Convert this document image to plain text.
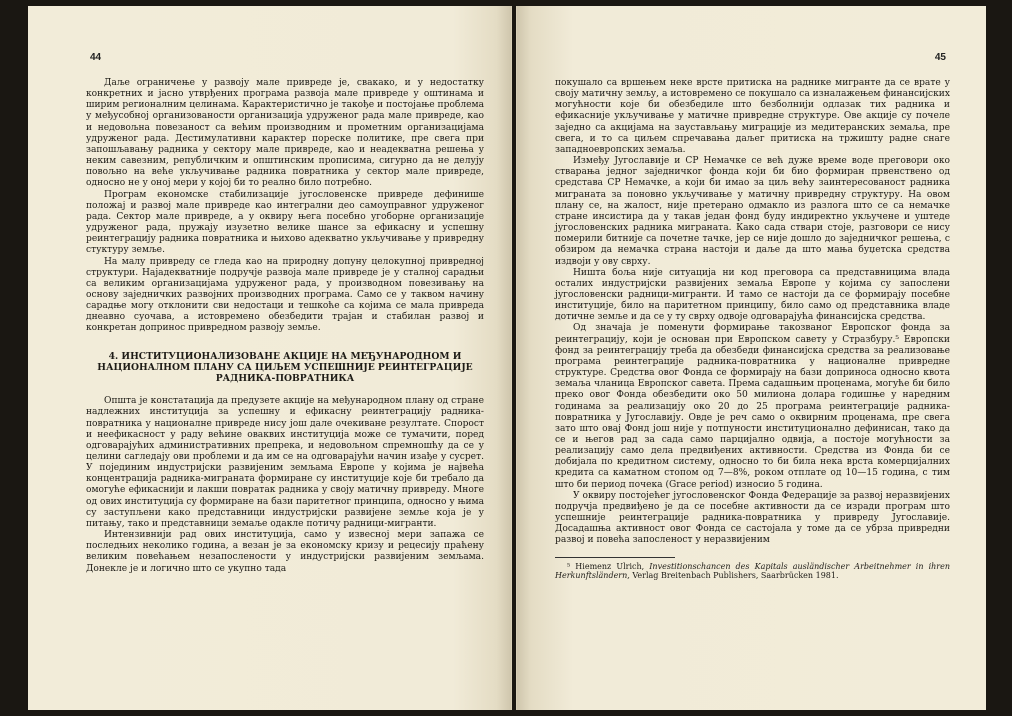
44

Даље ограничење у развоју мале привреде је, свакако, и у недостатку конкретних и јасно утврђених програма развоја мале привреде у оштинама и ширим регионалним целинама. Карактеристично је такође и постојање проблема у међусобној организованости организација удруженог рада мале привреде, као и недовољна повезаност са већим производним и прометним организацијама удруженог рада. Дестимулативни карактер пореске политике, пре свега при запошљавању радника у сектору мале привреде, као и неадекватна решења у неким савезним, републичким и општинским прописима, сигурно да не делују повољно на веће укључивање радника повратника у сектор мале привреде, односно не у оној мери у којој би то реално било потребно.

Програм економске стабилизације југословенске привреде дефинише положај и развој мале привреде као интегрални део самоуправног удруженог рада. Сектор мале привреде, а у оквиру њега посебно угоборне организације удруженог рада, пружају изузетно велике шансе за ефикасну и успешну реинтеграцију радника повратника и њихово адекватно укључивање у привредну стуктуру земље.

На малу привреду се гледа као на природну допуну целокупној привредној структури. Најадекватније подручје развоја мале привреде је у сталној сарадњи са великим организацијама удруженог рада, у производном повезивању на основу заједничких развојних производних програма. Само се у таквом начину сарадње могу отклонити сви недостаци и тешкоће са којима се мала привреда днеавно суочава, а истовремено обезбедити трајан и стабилан развој и конкретан допринос привредном развоју земље.

4. ИНСТИТУЦИОНАЛИЗОВАНЕ АКЦИЈЕ НА МЕЂУНАРОДНОМ И НАЦИОНАЛНОМ ПЛАНУ СА ЦИЉЕМ УСПЕШНИЈЕ РЕИНТЕГРАЦИЈЕ РАДНИКА-ПОВРАТНИКА

Општа је констатација да предузете акције на међународном плану од стране надлежних институција за успешну и ефикасну реинтеграцију радника-повратника у националне привреде нису још дале очекиване резултате. Спорост и неефикасност у раду већине оваквих институција може се тумачити, поред одговарајућих административних препрека, и недовољном спремношћу да се у целини сагледају ови проблеми и да им се на одговарајући начин изађе у сусрет. У појединим индустријски развијеним земљама Европе у којима је највећа концентрација радника-миграната формиране су институције које би требало да омогуће ефикаснији и лакши повратак радника у своју матичну привреду. Многе од ових институција су формиране на бази паритетног принципа, односно у њима су заступљени како представници индустријски развијене земље која је у питању, тако и представници земаље одакле потичу радници-мигранти.

Интензивнији рад ових институција, само у извесној мери запажа се последњих неколико година, а везан је за економску кризу и рецесију праћену великим повећањем незапослености у индустријски развијеним земљама. Донекле је и логично што се укупно тада

45

покушало са вршењем неке врсте притиска на раднике мигранте да се врате у своју матичну земљу, а истовремено се покушало са изналажењем финансијских могућности које би обезбедиле што безболнији одлазак тих радника и ефикасније укључивање у матичне привредне структуре. Ове акције су почеле заједно са акцијама на заустављању миграције из медитеранских земаља, пре свега, и то са циљем спречавања даљег притиска на тржишту радне снаге западноевропских земаља.

Између Југославије и СР Немачке се већ дуже време воде преговори око стварања једног заједничког фонда који би био формиран првенствено од средстава СР Немачке, а који би имао за циљ већу заинтересованост радника миграната за поновно укључивање у матичну привредну структуру. На овом плану се, на жалост, није претерано одмакло из разлога што се са немачке стране инсистира да у такав један фонд буду индиректно укључене и уштеде југословенских радника миграната. Како сада ствари стоје, разговори се нису померили битније са почетне тачке, јер се није дошло до заједничког решења, с обзиром да немачка страна настоји и даље да што мања буџетска средства издвоји у ову сврху.

Ништа боља није ситуација ни код преговора са представницима влада осталих индустријски развијених земаља Европе у којима су запослени југословенски радници-мигранти. И тамо се настоји да се формирају посебне институције, било на паритетном принципу, било само од представника владе дотичне земље и да се у ту сврху одвоје одговарајућа финансијска средства.

Од значаја је поменути формирање такозваног Европског фонда за реинтеграцију, који је основан при Европском савету у Стразбуру.⁵ Европски фонд за реинтеграцију треба да обезбеди финансијска средства за реализовање програма реинтеграције радника-повратника у националне привредне структуре. Средства овог Фонда се формирају на бази доприноса односно квота земаља чланица Европског савета. Према садашњим проценама, могуће би било преко овог Фонда обезбедити око 50 милиона долара годишње у наредним годинама за реализацију око 20 до 25 програма реинтеграције радника-повратника у Југославију. Овде је реч само о оквирним проценама, пре свега зато што овај Фонд још није у потпуности институционално дефинисан, тако да се и његов рад за сада само парцијално одвија, а постоје могућности за реализацију само дела предвиђених активности. Средства из Фонда би се добијала по кредитном систему, односно то би била нека врста комерцијалних кредита са каматном стопом од 7—8%, роком отплате од 10—15 година, с тим што би период почека (Grace period) износио 5 година.

У оквиру постојећег југословенског Фонда Федерације за развој неразвијених подручја предвиђено је да се посебне активности да се изради програм што успешније реинтеграције радника-повратника у привреду Југославије. Досадашња активност овог Фонда се састојала у томе да се убрза привредни развој и повећа запосленост у неразвијеним

⁵ Hiemenz Ulrich, Investitionschancen des Kapitals ausländischer Arbeitnehmer in ihren Herkunftsländern, Verlag Breitenbach Publishers, Saarbrücken 1981.
